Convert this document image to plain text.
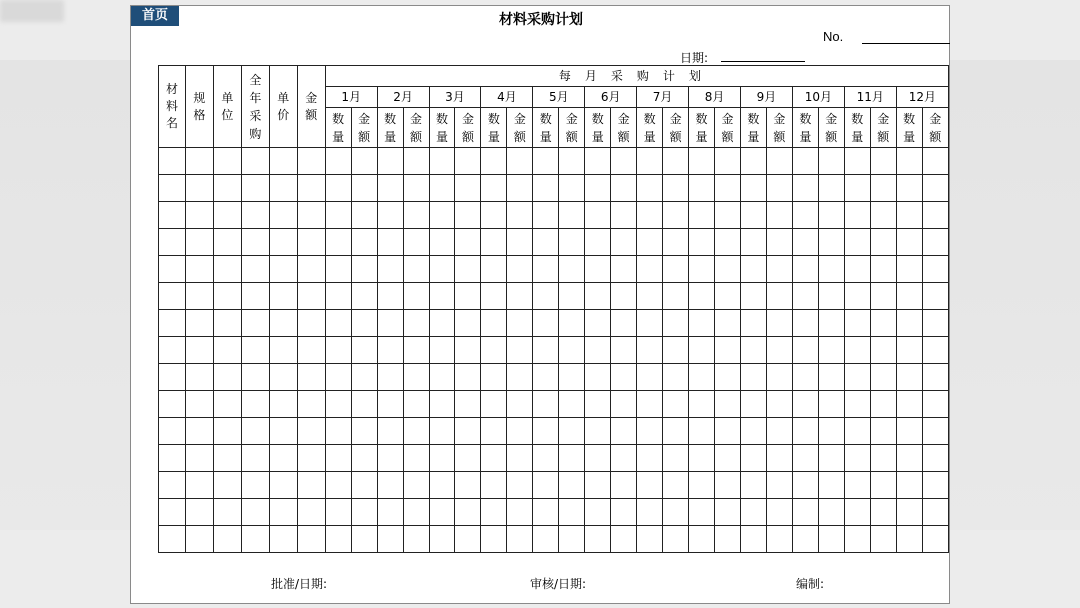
首页	材料采购计划
No.
日期:
材料名	规格	单位	全年采购	单价	金额	每月采购计划																							
						1月		2月		3月		4月		5月		6月		7月		8月		9月		10月		11月		12月	
						数量	金额	数量	金额	数量	金额	数量	金额	数量	金额	数量	金额	数量	金额	数量	金额	数量	金额	数量	金额	数量	金额	数量	金额

批准/日期:	审核/日期:	编制:
